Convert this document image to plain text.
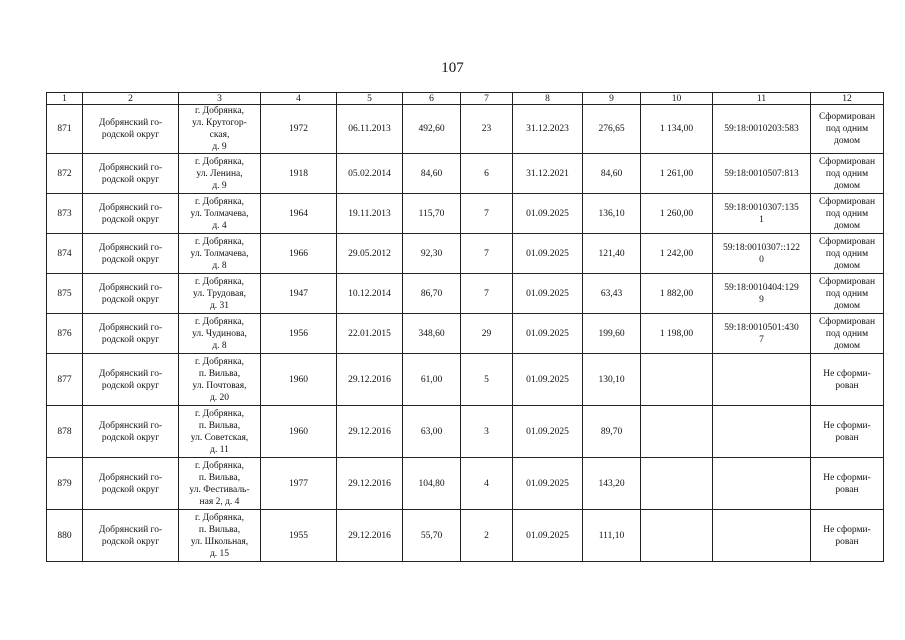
107
1	2	3	4	5	6	7	8	9	10	11	12
871	Добрянский го-
родской округ	г. Добрянка,
ул. Крутогор-
ская,
д. 9	1972	06.11.2013	492,60	23	31.12.2023	276,65	1 134,00	59:18:0010203:583	Сформирован
под одним
домом
872	Добрянский го-
родской округ	г. Добрянка,
ул. Ленина,
д. 9	1918	05.02.2014	84,60	6	31.12.2021	84,60	1 261,00	59:18:0010507:813	Сформирован
под одним
домом
873	Добрянский го-
родской округ	г. Добрянка,
ул. Толмачева,
д. 4	1964	19.11.2013	115,70	7	01.09.2025	136,10	1 260,00	59:18:0010307:135
1	Сформирован
под одним
домом
874	Добрянский го-
родской округ	г. Добрянка,
ул. Толмачева,
д. 8	1966	29.05.2012	92,30	7	01.09.2025	121,40	1 242,00	59:18:0010307::122
0	Сформирован
под одним
домом
875	Добрянский го-
родской округ	г. Добрянка,
ул. Трудовая,
д. 31	1947	10.12.2014	86,70	7	01.09.2025	63,43	1 882,00	59:18:0010404:129
9	Сформирован
под одним
домом
876	Добрянский го-
родской округ	г. Добрянка,
ул. Чудинова,
д. 8	1956	22.01.2015	348,60	29	01.09.2025	199,60	1 198,00	59:18:0010501:430
7	Сформирован
под одним
домом
877	Добрянский го-
родской округ	г. Добрянка,
п. Вильва,
ул. Почтовая,
д. 20	1960	29.12.2016	61,00	5	01.09.2025	130,10			Не сформи-
рован
878	Добрянский го-
родской округ	г. Добрянка,
п. Вильва,
ул. Советская,
д. 11	1960	29.12.2016	63,00	3	01.09.2025	89,70			Не сформи-
рован
879	Добрянский го-
родской округ	г. Добрянка,
п. Вильва,
ул. Фестиваль-
ная 2, д. 4	1977	29.12.2016	104,80	4	01.09.2025	143,20			Не сформи-
рован
880	Добрянский го-
родской округ	г. Добрянка,
п. Вильва,
ул. Школьная,
д. 15	1955	29.12.2016	55,70	2	01.09.2025	111,10			Не сформи-
рован
